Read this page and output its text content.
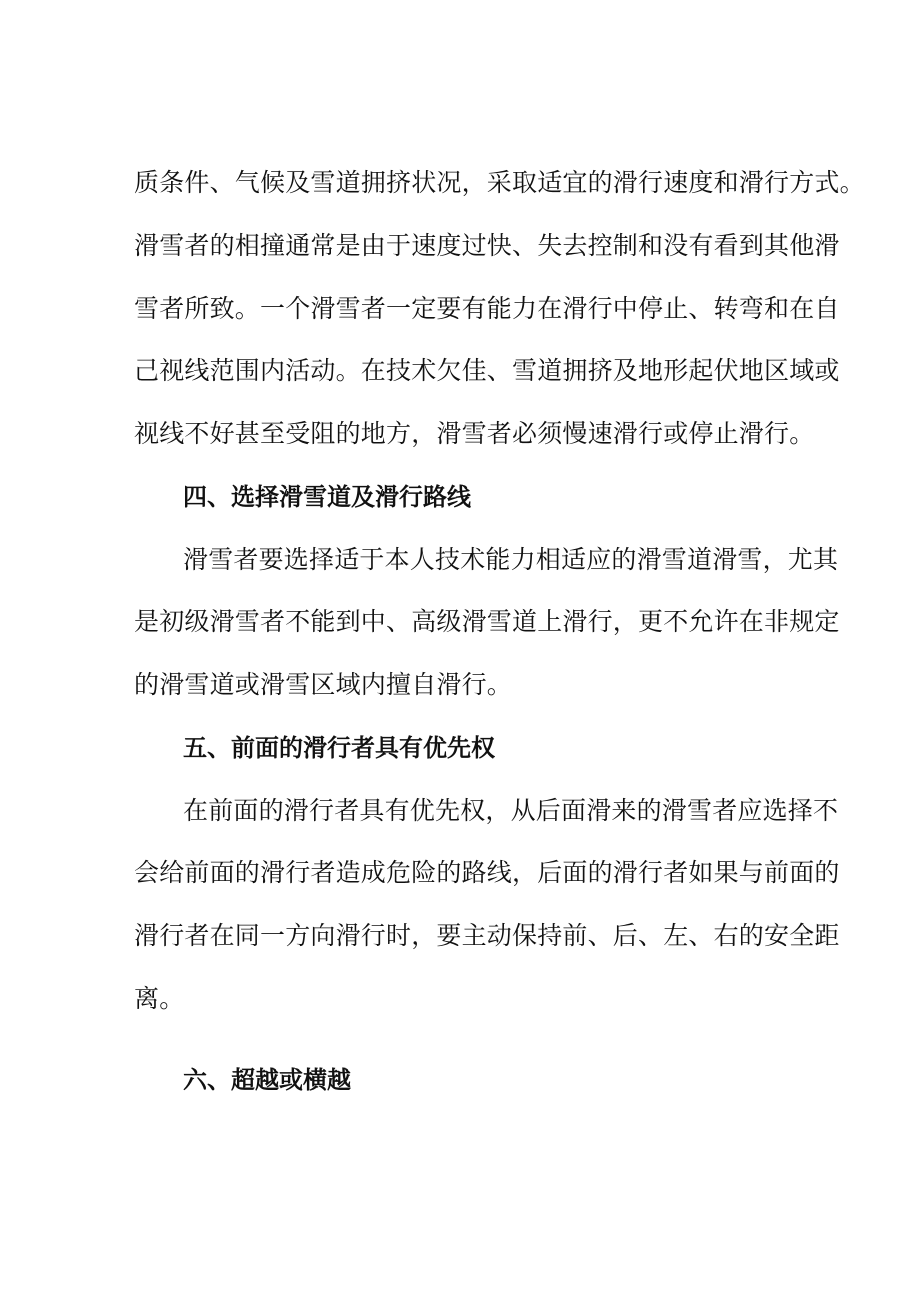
质条件、气候及雪道拥挤状况，采取适宜的滑行速度和滑行方式。
滑雪者的相撞通常是由于速度过快、失去控制和没有看到其他滑
雪者所致。一个滑雪者一定要有能力在滑行中停止、转弯和在自
己视线范围内活动。在技术欠佳、雪道拥挤及地形起伏地区域或
视线不好甚至受阻的地方，滑雪者必须慢速滑行或停止滑行。
四、选择滑雪道及滑行路线
滑雪者要选择适于本人技术能力相适应的滑雪道滑雪，尤其
是初级滑雪者不能到中、高级滑雪道上滑行，更不允许在非规定
的滑雪道或滑雪区域内擅自滑行。
五、前面的滑行者具有优先权
在前面的滑行者具有优先权，从后面滑来的滑雪者应选择不
会给前面的滑行者造成危险的路线，后面的滑行者如果与前面的
滑行者在同一方向滑行时，要主动保持前、后、左、右的安全距
离。
六、超越或横越
